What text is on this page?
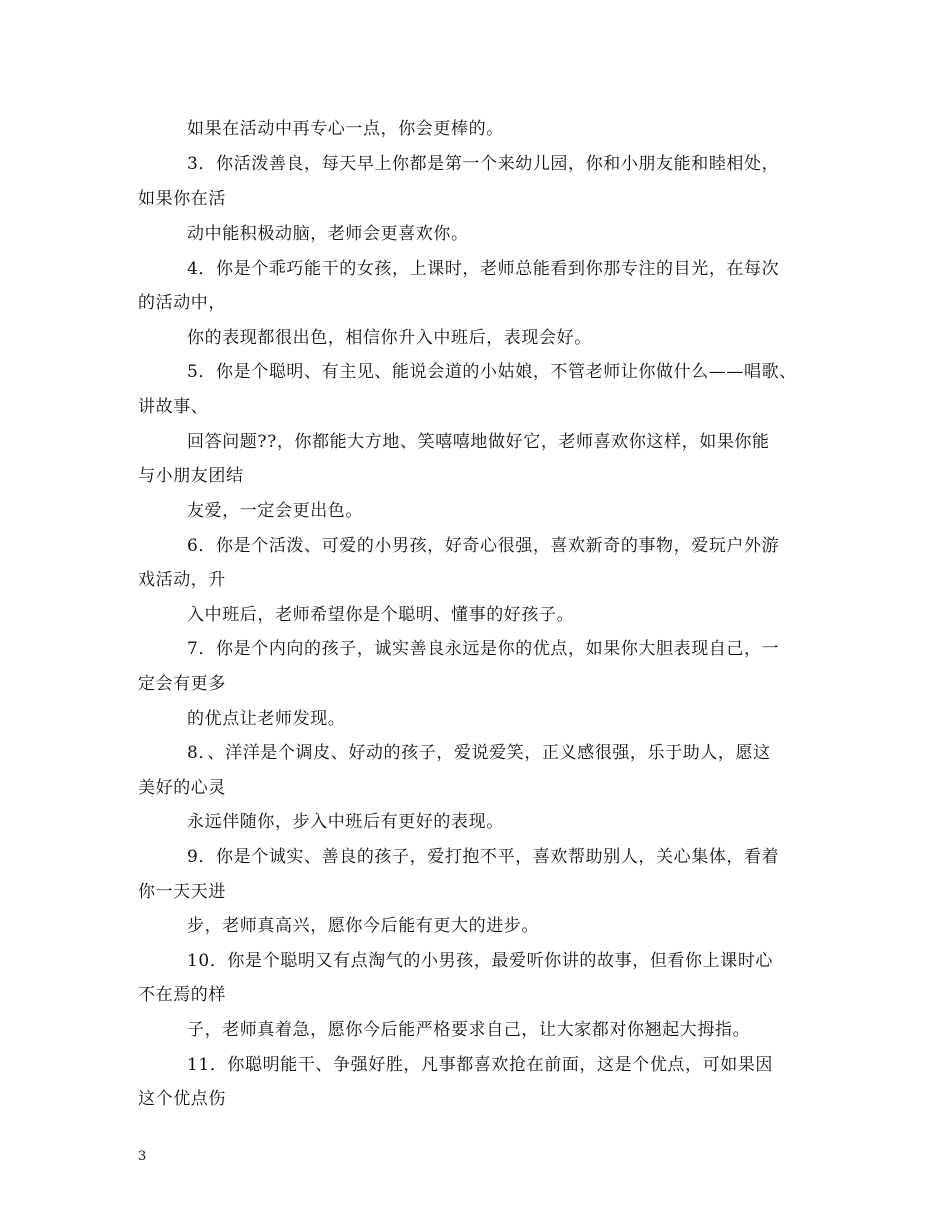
如果在活动中再专心一点，你会更棒的。
3．你活泼善良，每天早上你都是第一个来幼儿园，你和小朋友能和睦相处，
如果你在活
动中能积极动脑，老师会更喜欢你。
4．你是个乖巧能干的女孩，上课时，老师总能看到你那专注的目光，在每次
的活动中，
你的表现都很出色，相信你升入中班后，表现会好。
5．你是个聪明、有主见、能说会道的小姑娘，不管老师让你做什么——唱歌、
讲故事、
回答问题??，你都能大方地、笑嘻嘻地做好它，老师喜欢你这样，如果你能
与小朋友团结
友爱，一定会更出色。
6．你是个活泼、可爱的小男孩，好奇心很强，喜欢新奇的事物，爱玩户外游
戏活动，升
入中班后，老师希望你是个聪明、懂事的好孩子。
7．你是个内向的孩子，诚实善良永远是你的优点，如果你大胆表现自己，一
定会有更多
的优点让老师发现。
8．、洋洋是个调皮、好动的孩子，爱说爱笑，正义感很强，乐于助人，愿这
美好的心灵
永远伴随你，步入中班后有更好的表现。
9．你是个诚实、善良的孩子，爱打抱不平，喜欢帮助别人，关心集体，看着
你一天天进
步，老师真高兴，愿你今后能有更大的进步。
10．你是个聪明又有点淘气的小男孩，最爱听你讲的故事，但看你上课时心
不在焉的样
子，老师真着急，愿你今后能严格要求自己，让大家都对你翘起大拇指。
11．你聪明能干、争强好胜，凡事都喜欢抢在前面，这是个优点，可如果因
这个优点伤
3
